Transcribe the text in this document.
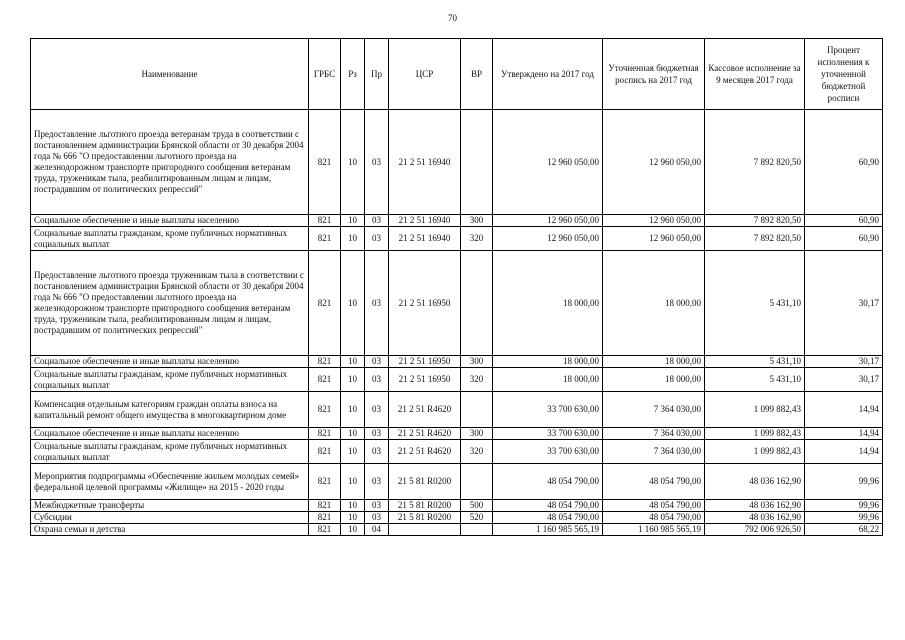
70
Наименование	ГРБС	Рз	Пр	ЦСР	ВР	Утверждено на 2017 год	Уточненная бюджетная роспись на 2017 год	Кассовое исполнение за 9 месяцев 2017 года	Процент исполнения к уточненной бюджетной росписи
Предоставление льготного проезда ветеранам труда в соответствии с постановлением администрации Брянской области от 30 декабря 2004 года № 666 "О предоставлении льготного проезда на железнодорожном транспорте пригородного сообщения ветеранам труда, труженикам тыла, реабилитированным лицам и лицам, пострадавшим от политических репрессий"	821	10	03	21 2 51 16940		12 960 050,00	12 960 050,00	7 892 820,50	60,90
Социальное обеспечение и иные выплаты населению	821	10	03	21 2 51 16940	300	12 960 050,00	12 960 050,00	7 892 820,50	60,90
Социальные выплаты гражданам, кроме публичных нормативных социальных выплат	821	10	03	21 2 51 16940	320	12 960 050,00	12 960 050,00	7 892 820,50	60,90
Предоставление льготного проезда труженикам тыла в соответствии с постановлением администрации Брянской области от 30 декабря 2004 года № 666 "О предоставлении льготного проезда на железнодорожном транспорте пригородного сообщения ветеранам труда, труженикам тыла, реабилитированным лицам и лицам, пострадавшим от политических репрессий"	821	10	03	21 2 51 16950		18 000,00	18 000,00	5 431,10	30,17
Социальное обеспечение и иные выплаты населению	821	10	03	21 2 51 16950	300	18 000,00	18 000,00	5 431,10	30,17
Социальные выплаты гражданам, кроме публичных нормативных социальных выплат	821	10	03	21 2 51 16950	320	18 000,00	18 000,00	5 431,10	30,17
Компенсация отдельным категориям граждан оплаты взноса на капитальный ремонт общего имущества в многоквартирном доме	821	10	03	21 2 51 R4620		33 700 630,00	7 364 030,00	1 099 882,43	14,94
Социальное обеспечение и иные выплаты населению	821	10	03	21 2 51 R4620	300	33 700 630,00	7 364 030,00	1 099 882,43	14,94
Социальные выплаты гражданам, кроме публичных нормативных социальных выплат	821	10	03	21 2 51 R4620	320	33 700 630,00	7 364 030,00	1 099 882,43	14,94
Мероприятия подпрограммы «Обеспечение жильем молодых семей» федеральной целевой программы «Жилище» на 2015 - 2020 годы	821	10	03	21 5 81 R0200		48 054 790,00	48 054 790,00	48 036 162,90	99,96
Межбюджетные трансферты	821	10	03	21 5 81 R0200	500	48 054 790,00	48 054 790,00	48 036 162,90	99,96
Субсидии	821	10	03	21 5 81 R0200	520	48 054 790,00	48 054 790,00	48 036 162,90	99,96
Охрана семьи и детства	821	10	04			1 160 985 565,19	1 160 985 565,19	792 006 926,50	68,22
